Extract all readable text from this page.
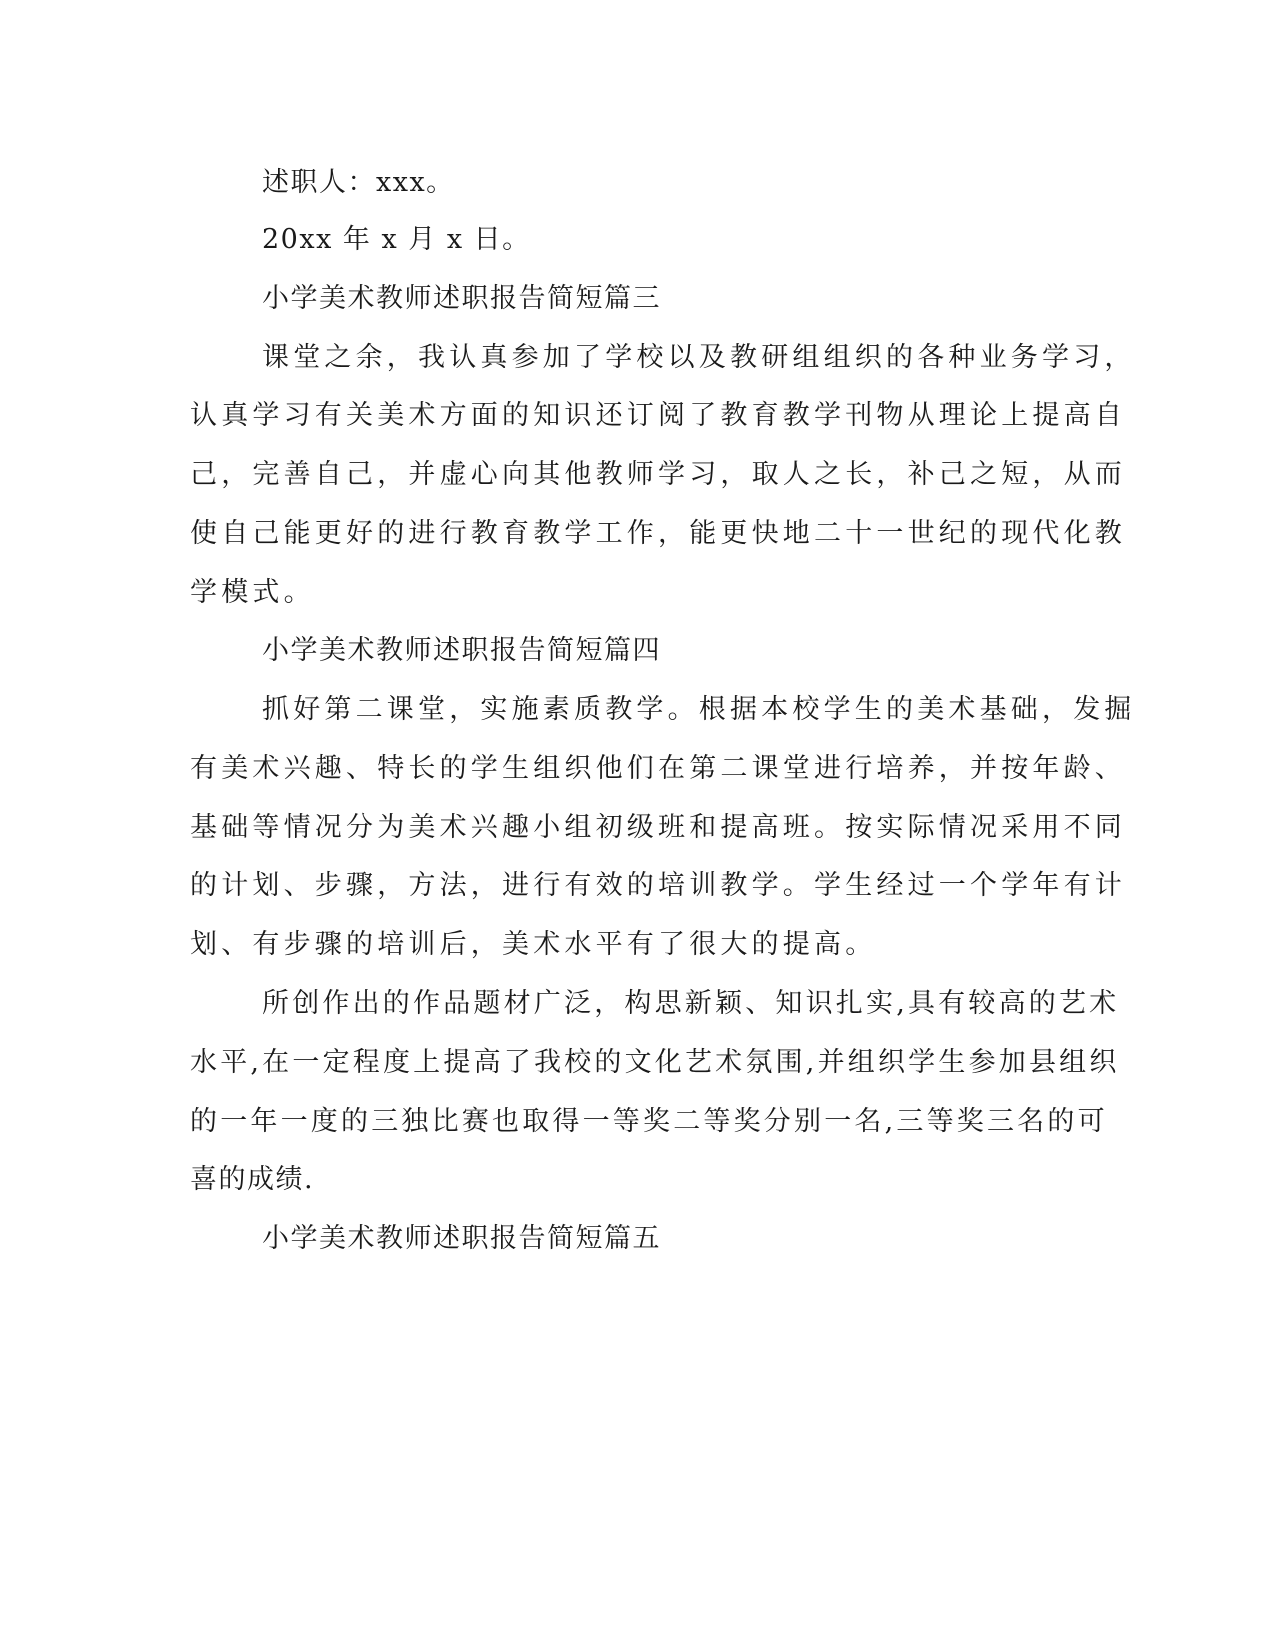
述职人：xxx。
20xx 年 x 月 x 日。
小学美术教师述职报告简短篇三
课堂之余，我认真参加了学校以及教研组组织的各种业务学习，
认真学习有关美术方面的知识还订阅了教育教学刊物从理论上提高自
己，完善自己，并虚心向其他教师学习，取人之长，补己之短，从而
使自己能更好的进行教育教学工作，能更快地二十一世纪的现代化教
学模式。
小学美术教师述职报告简短篇四
抓好第二课堂，实施素质教学。根据本校学生的美术基础，发掘
有美术兴趣、特长的学生组织他们在第二课堂进行培养，并按年龄、
基础等情况分为美术兴趣小组初级班和提高班。按实际情况采用不同
的计划、步骤，方法，进行有效的培训教学。学生经过一个学年有计
划、有步骤的培训后，美术水平有了很大的提高。
所创作出的作品题材广泛，构思新颖、知识扎实,具有较高的艺术
水平,在一定程度上提高了我校的文化艺术氛围,并组织学生参加县组织
的一年一度的三独比赛也取得一等奖二等奖分别一名,三等奖三名的可
喜的成绩.
小学美术教师述职报告简短篇五
